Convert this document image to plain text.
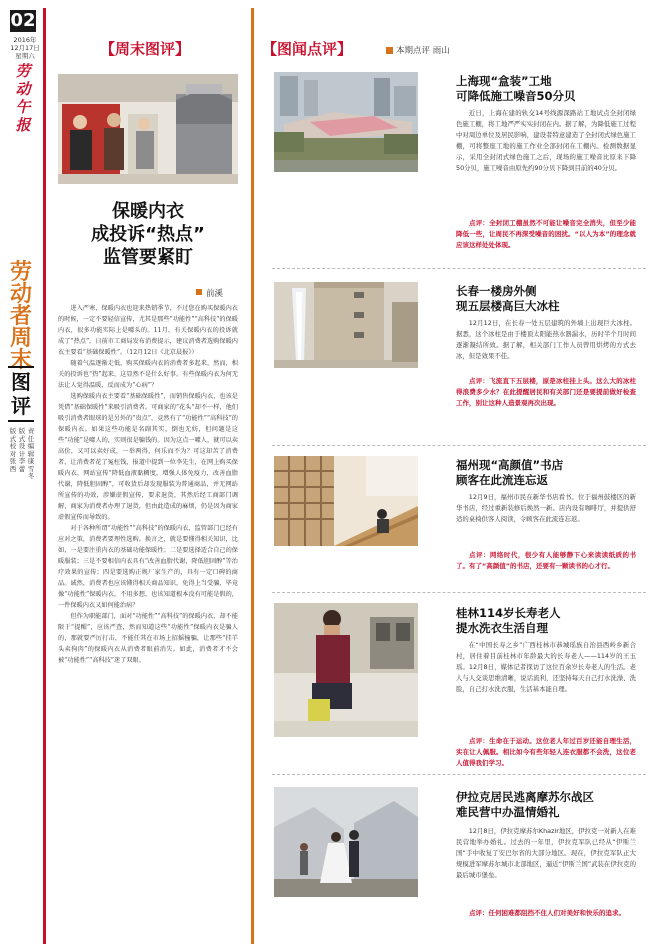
02
2016年
12月17日
星期六
劳
动
午
报
劳
动
者
周
末
图
评
版
式
校
对
张
西
版
式
设
计
李
蕾
责
任
编
辑
康
雪
冬
【周末图评】
保暖内衣
成投诉“热点”
监管要紧盯
前溪

进入严寒，保暖内衣也迎来热销季节，不过您在购买保暖内衣的时候，一定不要轻信宣传，尤其是那些“功能性”“高科技”的保暖内衣，很多功能实际上是噱头的。11月，有关保暖内衣的投诉就成了“热点”。日前市工商局发布消费提示，建议消费者选购保暖内衣主要看“基础保暖性”。（12月12日《北京晨报》）

随着气温逐渐走低，购买保暖内衣的消费者多起来，然而，相关的投诉也“热”起来，这显然不是什么好事。有些保暖内衣为何无法让人觉得温暖，反而成为“心病”？

选购保暖内衣主要看“基础保暖性”，而销售保暖内衣，也该是凭借“基础保暖性”来吸引消费者。可商家的“花头”却不一样，他们吸引消费者眼球的是另外的“贵点”，竞然有了“功能性”“高科技”的保暖内衣。如果这些功能是名副其实，倒也无妨，但问题是这些“功能”是噱人的，实则很是骗钱的。因为这点一噱人，就可以卖高价，又可以卖好成，一举两得，何乐而不为？可这却苦了消费者，让消费者花了冤枉钱，报道中提到一位李先生，在网上购买保暖内衣，网站宣传“降低血液黏稠度，增强人体免疫力，改善血脂代谢，降低胆固醇”，可收货后却发现服装为普通商品，并无网站所宣传的功效，涉嫌虚假宣传，要求退货，其然后经工商部门调解，商家为消费者办理了退货，但由此造成的麻烦，仍是因为商家虚假宣传而导致的。

对于各种所谓“功能性”“高科技”的保暖内衣，监管部门已经有应对之策，消费者要理性选购。换言之，就是要懂得相关知识，比如，一是要注重内衣的基础功能保暖性；二是要选择适合自己的保暖服装；三是不要相信内衣具有“改善血脂代谢，降低胆固醇”等治疗效果的宣传；四是要选购正规厂家生产的，具有一定口碑的商品。诚然，消费者也应该懂得相关商品知识，免得上当受骗，毕竟像“功能性”保暖内衣，不用多想，也该知道根本没有可能是假的，一件保暖内衣又如何能治病？

但作为职能部门，面对“功能性”“高科技”的保暖内衣，却不能限于“提醒”，应该严查，然而知道这些“功能性”保暖内衣是骗人的，那就要严厉打击，不能任其在市场上招摇撞骗，让那些“挂羊头卖狗肉”的保暖内衣从消费者眼前消失。如此，消费者才不会被“功能性”“高科技”迷了双眼。

【图闻点评】	本期点评 雨山
上海现“盒装”工地
可降低施工噪音50分贝

近日，上海在建的轨交14号线源深路站工地试点全封闭绿色施工棚，将工地严严实实封闭在内。据了解，为降低施工过程中对周边单位及居民影响，建设者特意建造了全封闭式绿色施工棚，可将整座工地的施工作业全部封闭在工棚内。检测数据显示，采用全封闭式绿色施工之后，现场的施工噪音比原来下降50分贝，施工噪音由原先约90分贝下降到目前的40分贝。

点评：全封闭工棚虽然不可能让噪音完全消失，但至少能降低一些，让周民不再深受噪音的困扰。“以人为本”的理念就应该这样处处体现。

长春一楼房外侧
现五层楼高巨大冰柱

12月12日，在长春一处五层建筑的外墙上出现巨大冰柱。据悉，这个冰柱是由于楼顶太阳能热水器漏水，历时半个月时间逐渐凝结所致。据了解，相关部门工作人员曾用烘烤的方式去冰，但是效果不佳。

点评：飞流直下五层楼，原是冰柱挂上头。这么大的冰柱得浪费多少水？在此提醒居民和有关部门还是要提前做好检查工作，别让这种人造景观再次出现。

福州现“高颜值”书店
顾客在此流连忘返

12月9日，福州市民在新华书店看书。位于福州鼓楼区的新华书店，经过重新装修后焕然一新。店内设有咖啡厅，并提供舒适的桌椅供客人阅读，令顾客在此流连忘返。

点评：网络时代，很少有人能够静下心来读读纸质的书了。有了“高颜值”的书店，还要有一颗读书的心才行。

桂林114岁长寿老人
提水洗衣生活自理

在“中国长寿之乡”广西桂林市恭城瑶族自治县西岭乡新合村，居住着目前桂林市年龄最大的长寿老人——114岁的王玉瑶。12月8日，媒体记者探访了这位百余岁长寿老人的生活。老人与人交谈思维清晰，说话流利，还坚持每天自己打水洗澡、洗脸，自己打水洗衣服，生活基本能自理。

点评：生命在于运动。这位老人年过百岁还能自理生活，实在让人佩服。相比如今有些年轻人连衣服都不会洗，这位老人值得我们学习。

伊拉克居民逃离摩苏尔战区
难民营中办温情婚礼

12月8日，伊拉克摩苏尔Khazir地区，伊拉克一对新人在难民营地举办婚礼。过去的一年里，伊拉克军队已经从“伊斯兰国”手中收复了安巴尔省的大部分地区。现在，伊拉克军队正大规模进军摩苏尔城市北部地区，逼近“伊斯兰国”武装在伊拉克的最后城市堡垒。

点评：任何困难都阻挡不住人们对美好和快乐的追求。
